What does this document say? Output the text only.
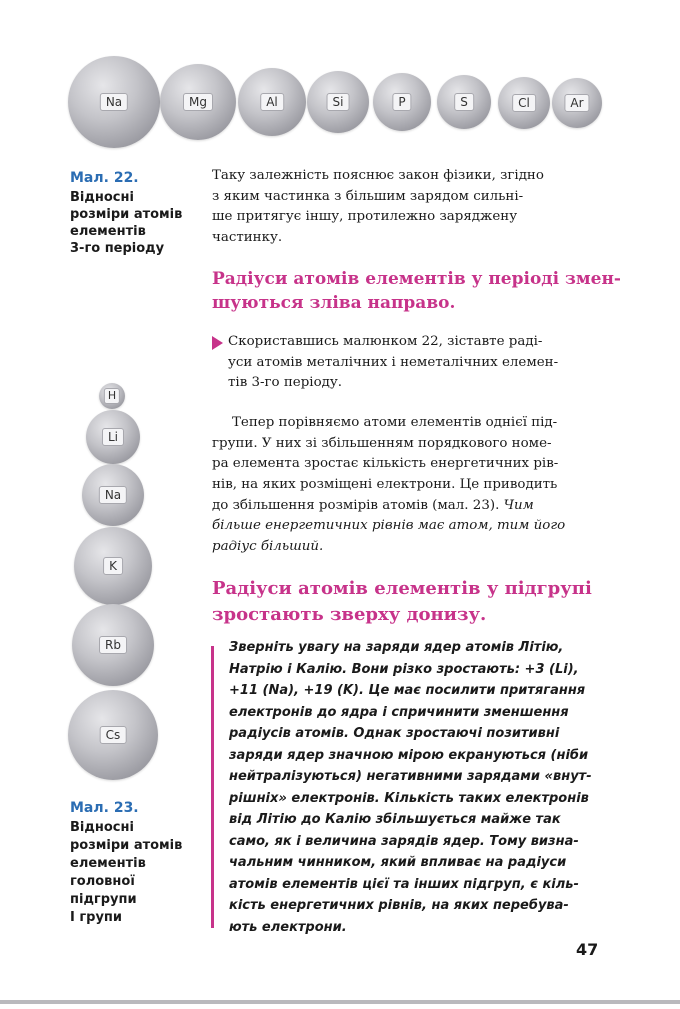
Na	Mg	Al	Si	P	S	Cl	Ar
Мал. 22.
Відносні
розміри атомів
елементів
3-го періоду
Таку залежність пояснює закон фізики, згідно
з яким частинка з більшим зарядом сильні-
ше притягує іншу, протилежно заряджену
частинку.
Радіуси атомів елементів у періоді змен-
шуються зліва направо.
Скориставшись малюнком 22, зіставте раді-
уси атомів металічних і неметалічних елемен-
тів 3-го періоду.
Тепер порівняємо атоми елементів однієї під-
групи. У них зі збільшенням порядкового номе-
ра елемента зростає кількість енергетичних рів-
нів, на яких розміщені електрони. Це приводить
до збільшення розмірів атомів (мал. 23). Чим
більше енергетичних рівнів має атом, тим його
радіус більший.
Радіуси атомів елементів у підгрупі
зростають зверху донизу.
H
Li
Na
K
Rb
Cs
Мал. 23.
Відносні
розміри атомів
елементів
головної
підгрупи
I групи
Зверніть увагу на заряди ядер атомів Літію,
Натрію і Калію. Вони різко зростають: +3 (Li),
+11 (Na), +19 (K). Це має посилити притягання
електронів до ядра і спричинити зменшення
радіусів атомів. Однак зростаючі позитивні
заряди ядер значною мірою екрануються (ніби
нейтралізуються) негативними зарядами «внут-
рішніх» електронів. Кількість таких електронів
від Літію до Калію збільшується майже так
само, як і величина зарядів ядер. Тому визна-
чальним чинником, який впливає на радіуси
атомів елементів цієї та інших підгруп, є кіль-
кість енергетичних рівнів, на яких перебува-
ють електрони.
47
